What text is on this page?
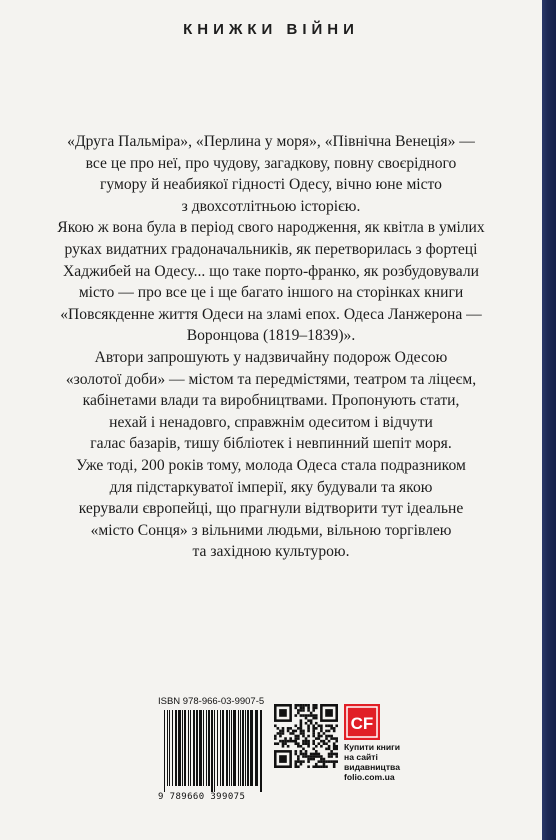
КНИЖКИ ВІЙНИ
«Друга Пальміра», «Перлина у моря», «Північна Венеція» —
все це про неї, про чудову, загадкову, повну своєрідного
гумору й неабиякої гідності Одесу, вічно юне місто
з двохсотлітньою історією.
Якою ж вона була в період свого народження, як квітла в умілих
руках видатних градоначальників, як перетворилась з фортеці
Хаджибей на Одесу... що таке порто-франко, як розбудовували
місто — про все це і ще багато іншого на сторінках книги
«Повсякденне життя Одеси на зламі епох. Одеса Ланжерона —
Воронцова (1819–1839)».
Автори запрошують у надзвичайну подорож Одесою
«золотої доби» — містом та передмістями, театром та ліцеєм,
кабінетами влади та виробництвами. Пропонують стати,
нехай і ненадовго, справжнім одеситом і відчути
галас базарів, тишу бібліотек і невпинний шепіт моря.
Уже тоді, 200 років тому, молода Одеса стала подразником
для підстаркуватої імперії, яку будували та якою
керували європейці, що прагнули відтворити тут ідеальне
«місто Сонця» з вільними людьми, вільною торгівлею
та західною культурою.
ISBN 978-966-03-9907-5
9 789660 399075
CF
Купити книги
на сайті
видавництва
folio.com.ua
